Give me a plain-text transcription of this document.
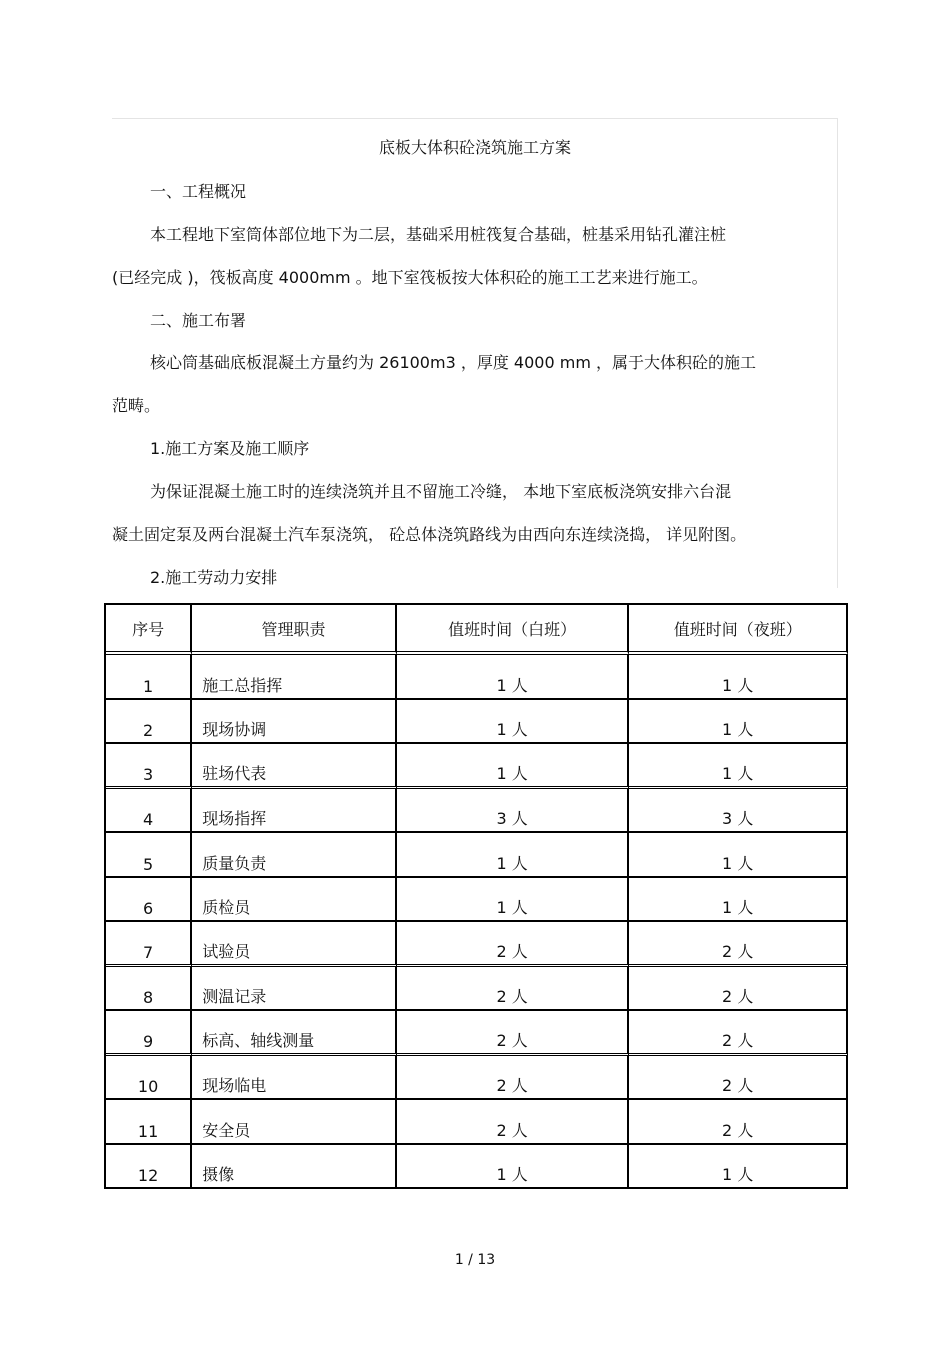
底板大体积砼浇筑施工方案
一、工程概况
本工程地下室筒体部位地下为二层，基础采用桩筏复合基础，桩基采用钻孔灌注桩
(已经完成 )，筏板高度 4000mm 。地下室筏板按大体积砼的施工工艺来进行施工。
二、施工布署
核心筒基础底板混凝土方量约为 26100m3 ，厚度 4000 mm ，属于大体积砼的施工
范畴。
1.施工方案及施工顺序
为保证混凝土施工时的连续浇筑并且不留施工冷缝， 本地下室底板浇筑安排六台混
凝土固定泵及两台混凝土汽车泵浇筑， 砼总体浇筑路线为由西向东连续浇捣， 详见附图。
2.施工劳动力安排
序号	管理职责	值班时间（白班）	值班时间（夜班）
1	施工总指挥	1 人	1 人
2	现场协调	1 人	1 人
3	驻场代表	1 人	1 人
4	现场指挥	3 人	3 人
5	质量负责	1 人	1 人
6	质检员	1 人	1 人
7	试验员	2 人	2 人
8	测温记录	2 人	2 人
9	标高、轴线测量	2 人	2 人
10	现场临电	2 人	2 人
11	安全员	2 人	2 人
12	摄像	1 人	1 人
1 / 13
